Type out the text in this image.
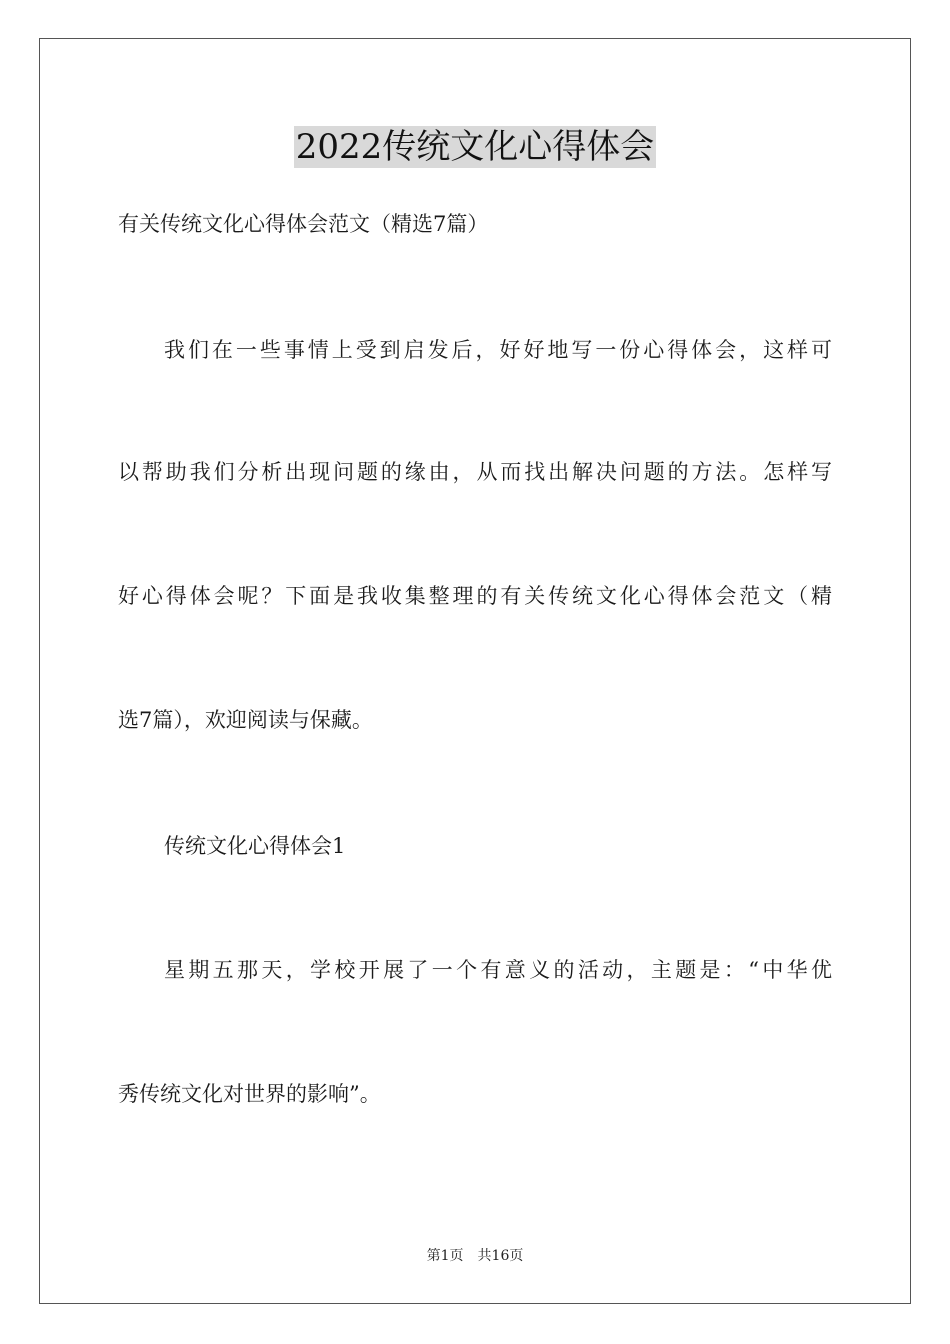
2022传统文化心得体会
有关传统文化心得体会范文（精选7篇）
我们在一些事情上受到启发后，好好地写一份心得体会，这样可
以帮助我们分析出现问题的缘由，从而找出解决问题的方法。怎样写
好心得体会呢？下面是我收集整理的有关传统文化心得体会范文（精
选7篇），欢迎阅读与保藏。
传统文化心得体会1
星期五那天，学校开展了一个有意义的活动，主题是：“中华优
秀传统文化对世界的影响”。
第1页 共16页
